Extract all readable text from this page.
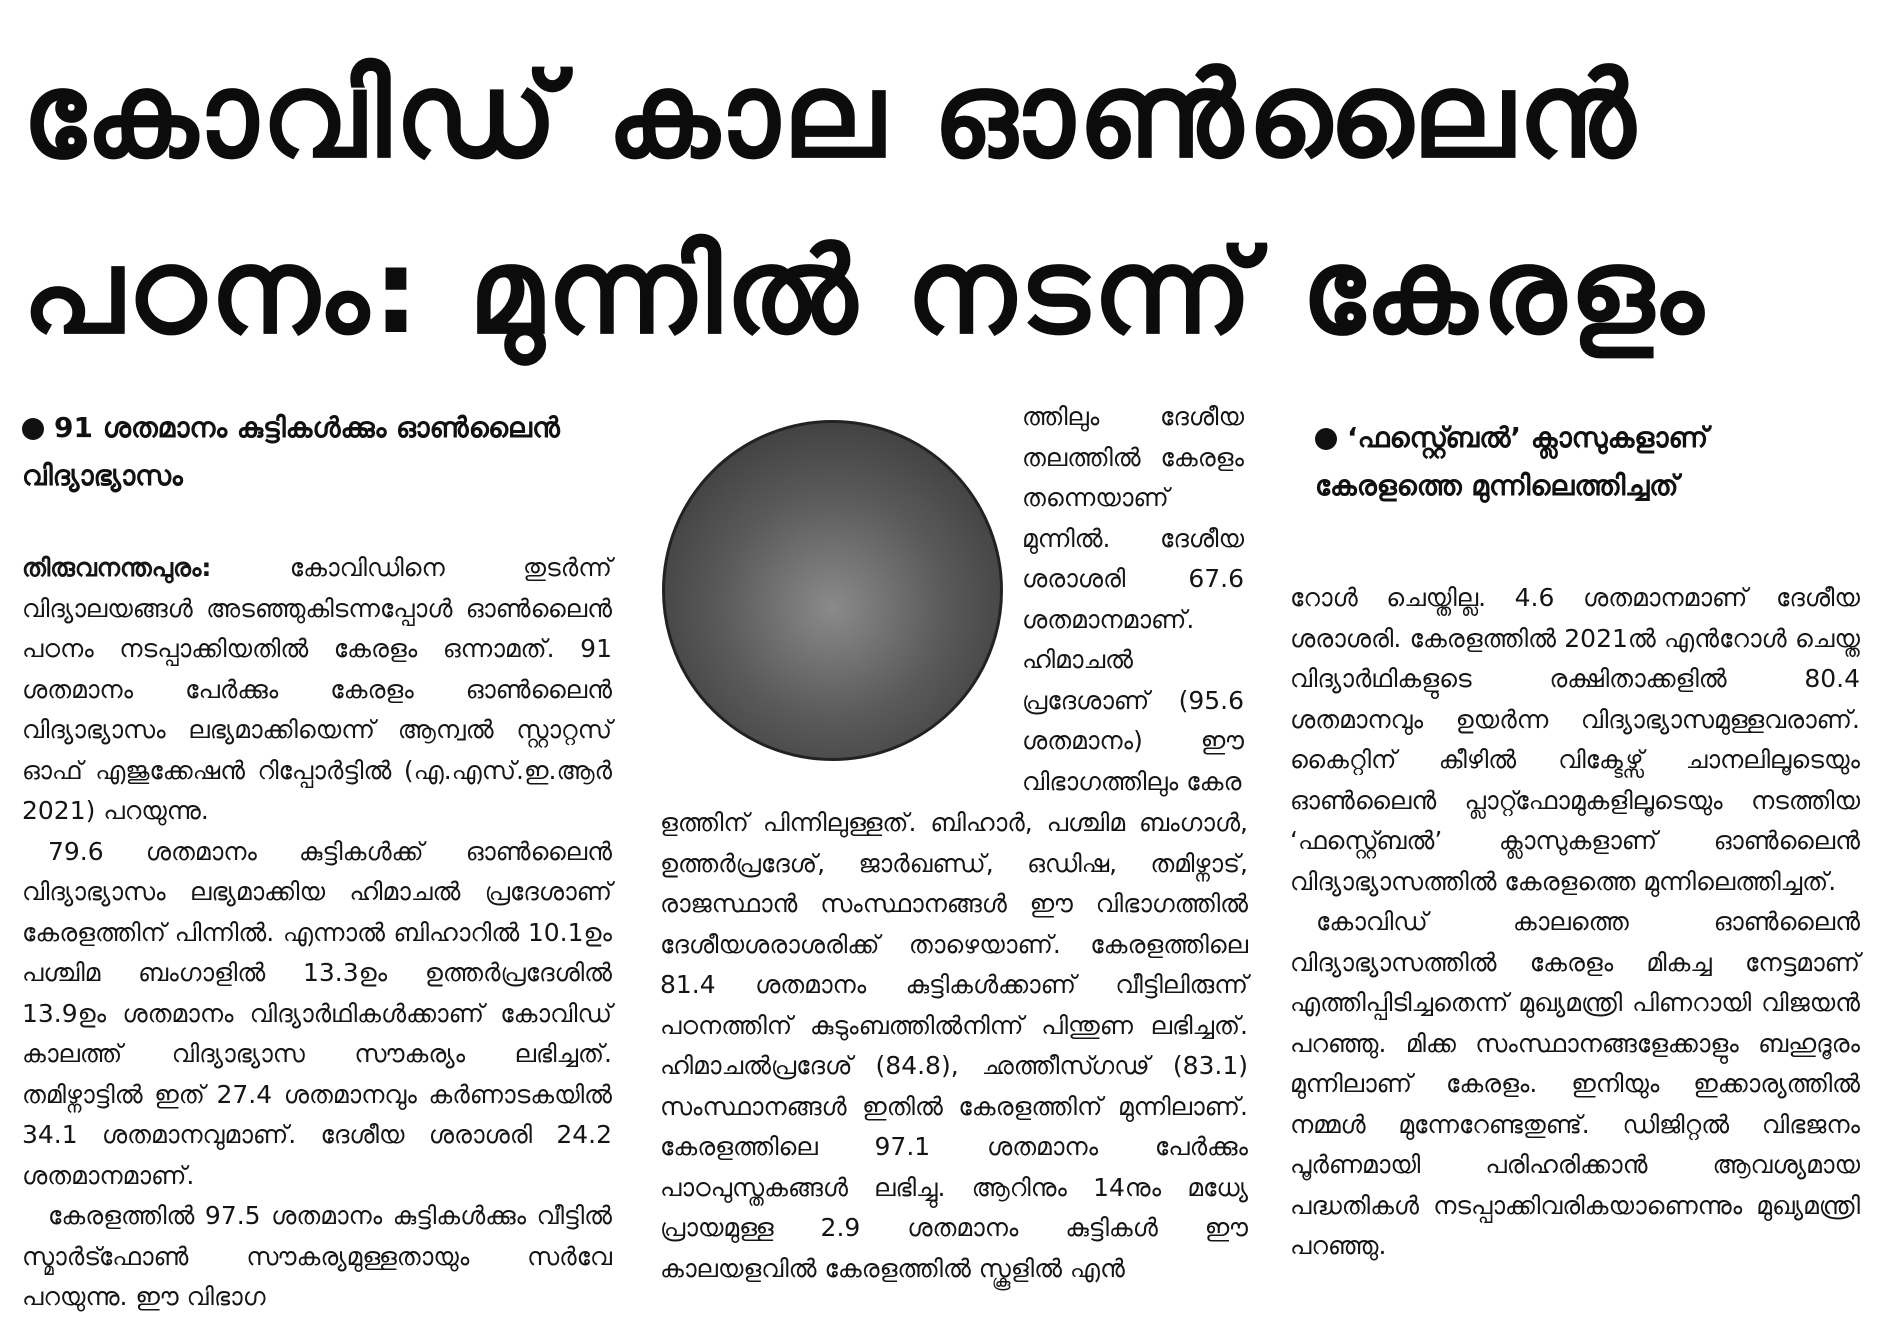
കോവിഡ് കാല ഓൺലൈൻ
പഠനം: മുന്നിൽ നടന്ന് കേരളം

91 ശതമാനം കുട്ടികൾക്കും ഓൺലൈൻ വിദ്യാഭ്യാസം

‘ഫസ്റ്റ്ബെൽ’ ക്ലാസുകളാണ് കേരളത്തെ മുന്നിലെത്തിച്ചത്

തിരുവനന്തപുരം:	കോവിഡിനെ തുടർന്ന് വിദ്യാലയങ്ങൾ അടഞ്ഞുകിടന്നപ്പോൾ ഓൺലൈൻ പഠനം നടപ്പാക്കിയതിൽ കേരളം ഒന്നാമത്. 91 ശതമാനം പേർക്കും കേരളം ഓൺലൈൻ വിദ്യാഭ്യാസം ലഭ്യമാക്കിയെന്ന് ആന്വൽ സ്റ്റാറ്റസ് ഓഫ് എജുക്കേഷൻ റിപ്പോർട്ടിൽ (എ.എസ്.ഇ.ആർ 2021) പറയുന്നു.

79.6 ശതമാനം കുട്ടികൾക്ക് ഓൺലൈൻ വിദ്യാഭ്യാസം ലഭ്യമാക്കിയ ഹിമാചൽ പ്രദേശാണ് കേരളത്തിന് പിന്നിൽ. എന്നാൽ ബിഹാറിൽ 10.1ഉം പശ്ചിമ ബംഗാളിൽ 13.3ഉം ഉത്തർപ്രദേശിൽ 13.9ഉം ശതമാനം വിദ്യാർഥികൾക്കാണ് കോവിഡ് കാലത്ത് വിദ്യാഭ്യാസ സൗകര്യം ലഭിച്ചത്. തമിഴ്നാട്ടിൽ ഇത് 27.4 ശതമാനവും കർണാടകയിൽ 34.1 ശതമാനവുമാണ്. ദേശീയ ശരാശരി 24.2 ശതമാനമാണ്.

കേരളത്തിൽ 97.5 ശതമാനം കുട്ടികൾക്കും വീട്ടിൽ സ്മാർട്ഫോൺ സൗകര്യമുള്ളതായും സർവേ പറയുന്നു. ഈ വിഭാഗ

ത്തിലും ദേശീയ തലത്തിൽ കേരളം തന്നെയാണ് മുന്നിൽ. ദേശീയ ശരാശരി 67.6 ശതമാനമാണ്. ഹിമാചൽ പ്രദേശാണ് (95.6 ശതമാനം) ഈ വിഭാഗത്തിലും കേര

ളത്തിന് പിന്നിലുള്ളത്. ബിഹാർ, പശ്ചിമ ബംഗാൾ, ഉത്തർപ്രദേശ്, ജാർഖണ്ഡ്, ഒഡിഷ, തമിഴ്നാട്, രാജസ്ഥാൻ സംസ്ഥാനങ്ങൾ ഈ വിഭാഗത്തിൽ ദേശീയശരാശരിക്ക് താഴെയാണ്. കേരളത്തിലെ 81.4 ശതമാനം കുട്ടികൾക്കാണ് വീട്ടിലിരുന്ന് പഠനത്തിന് കുടുംബത്തിൽനിന്ന് പിന്തുണ ലഭിച്ചത്. ഹിമാചൽപ്രദേശ് (84.8), ഛത്തീസ്ഗഢ് (83.1) സംസ്ഥാനങ്ങൾ ഇതിൽ കേരളത്തിന് മുന്നിലാണ്. കേരളത്തിലെ 97.1 ശതമാനം പേർക്കും പാഠപുസ്തകങ്ങൾ ലഭിച്ചു. ആറിനും 14നും മധ്യേ പ്രായമുള്ള 2.9 ശതമാനം കുട്ടികൾ ഈ കാലയളവിൽ കേരളത്തിൽ സ്കൂളിൽ എൻ

റോൾ ചെയ്തില്ല. 4.6 ശതമാനമാണ് ദേശീയ ശരാശരി. കേരളത്തിൽ 2021ൽ എൻറോൾ ചെയ്ത വിദ്യാർഥികളുടെ രക്ഷിതാക്കളിൽ 80.4 ശതമാനവും ഉയർന്ന വിദ്യാഭ്യാസമുള്ളവരാണ്. കൈറ്റിന് കീഴിൽ വിക്ടേഴ്സ് ചാനലിലൂടെയും ഓൺലൈൻ പ്ലാറ്റ്ഫോമുകളിലൂടെയും നടത്തിയ ‘ഫസ്റ്റ്ബെൽ’ ക്ലാസുകളാണ് ഓൺലൈൻ വിദ്യാഭ്യാസത്തിൽ കേരളത്തെ മുന്നിലെത്തിച്ചത്.

കോവിഡ് കാലത്തെ ഓൺലൈൻ വിദ്യാഭ്യാസത്തിൽ കേരളം മികച്ച നേട്ടമാണ് എത്തിപ്പിടിച്ചതെന്ന് മുഖ്യമന്ത്രി പിണറായി വിജയൻ പറഞ്ഞു. മിക്ക സംസ്ഥാനങ്ങളേക്കാളും ബഹുദൂരം മുന്നിലാണ് കേരളം. ഇനിയും ഇക്കാര്യത്തിൽ നമ്മൾ മുന്നേറേണ്ടതുണ്ട്. ഡിജിറ്റൽ വിഭജനം പൂർണമായി പരിഹരിക്കാൻ ആവശ്യമായ പദ്ധതികൾ നടപ്പാക്കിവരികയാണെന്നും മുഖ്യമന്ത്രി പറഞ്ഞു.
